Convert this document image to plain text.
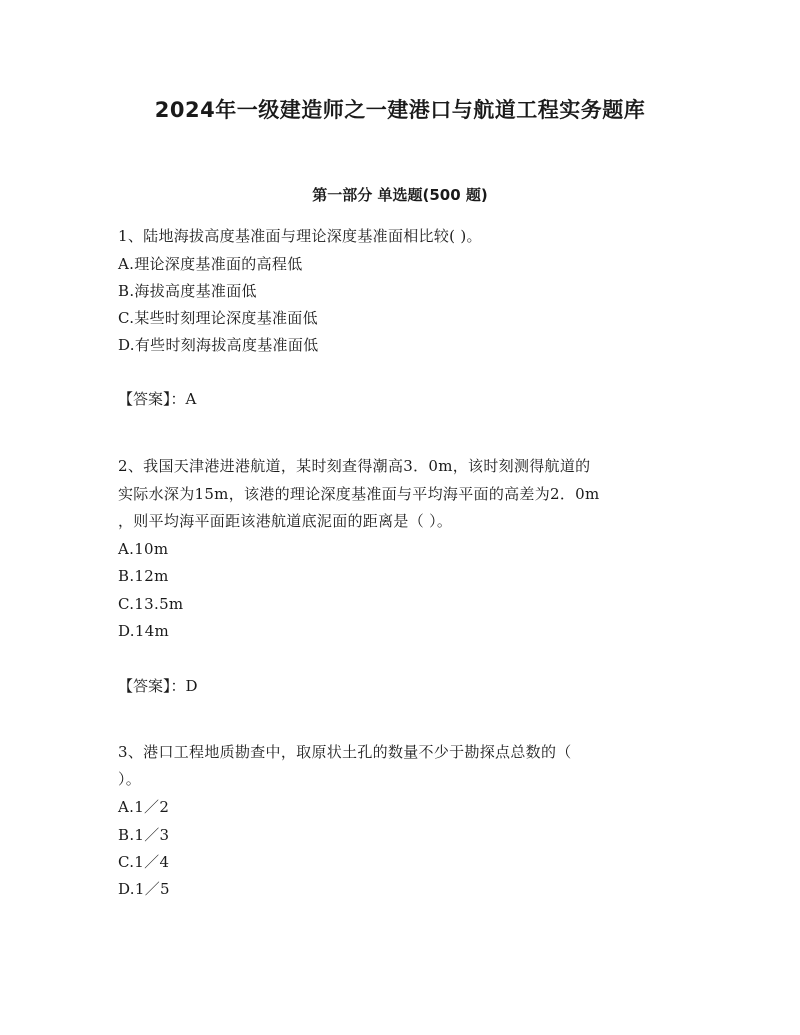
2024年一级建造师之一建港口与航道工程实务题库
第一部分 单选题(500 题)
1、陆地海拔高度基准面与理论深度基准面相比较( )。
A.理论深度基准面的高程低
B.海拔高度基准面低
C.某些时刻理论深度基准面低
D.有些时刻海拔高度基准面低
【答案】：A
2、我国天津港进港航道，某时刻查得潮高3．0m，该时刻测得航道的
实际水深为15m，该港的理论深度基准面与平均海平面的高差为2．0m
，则平均海平面距该港航道底泥面的距离是（ ）。
A.10m
B.12m
C.13.5m
D.14m
【答案】：D
3、港口工程地质勘查中，取原状土孔的数量不少于勘探点总数的（
）。
A.1／2
B.1／3
C.1／4
D.1／5
